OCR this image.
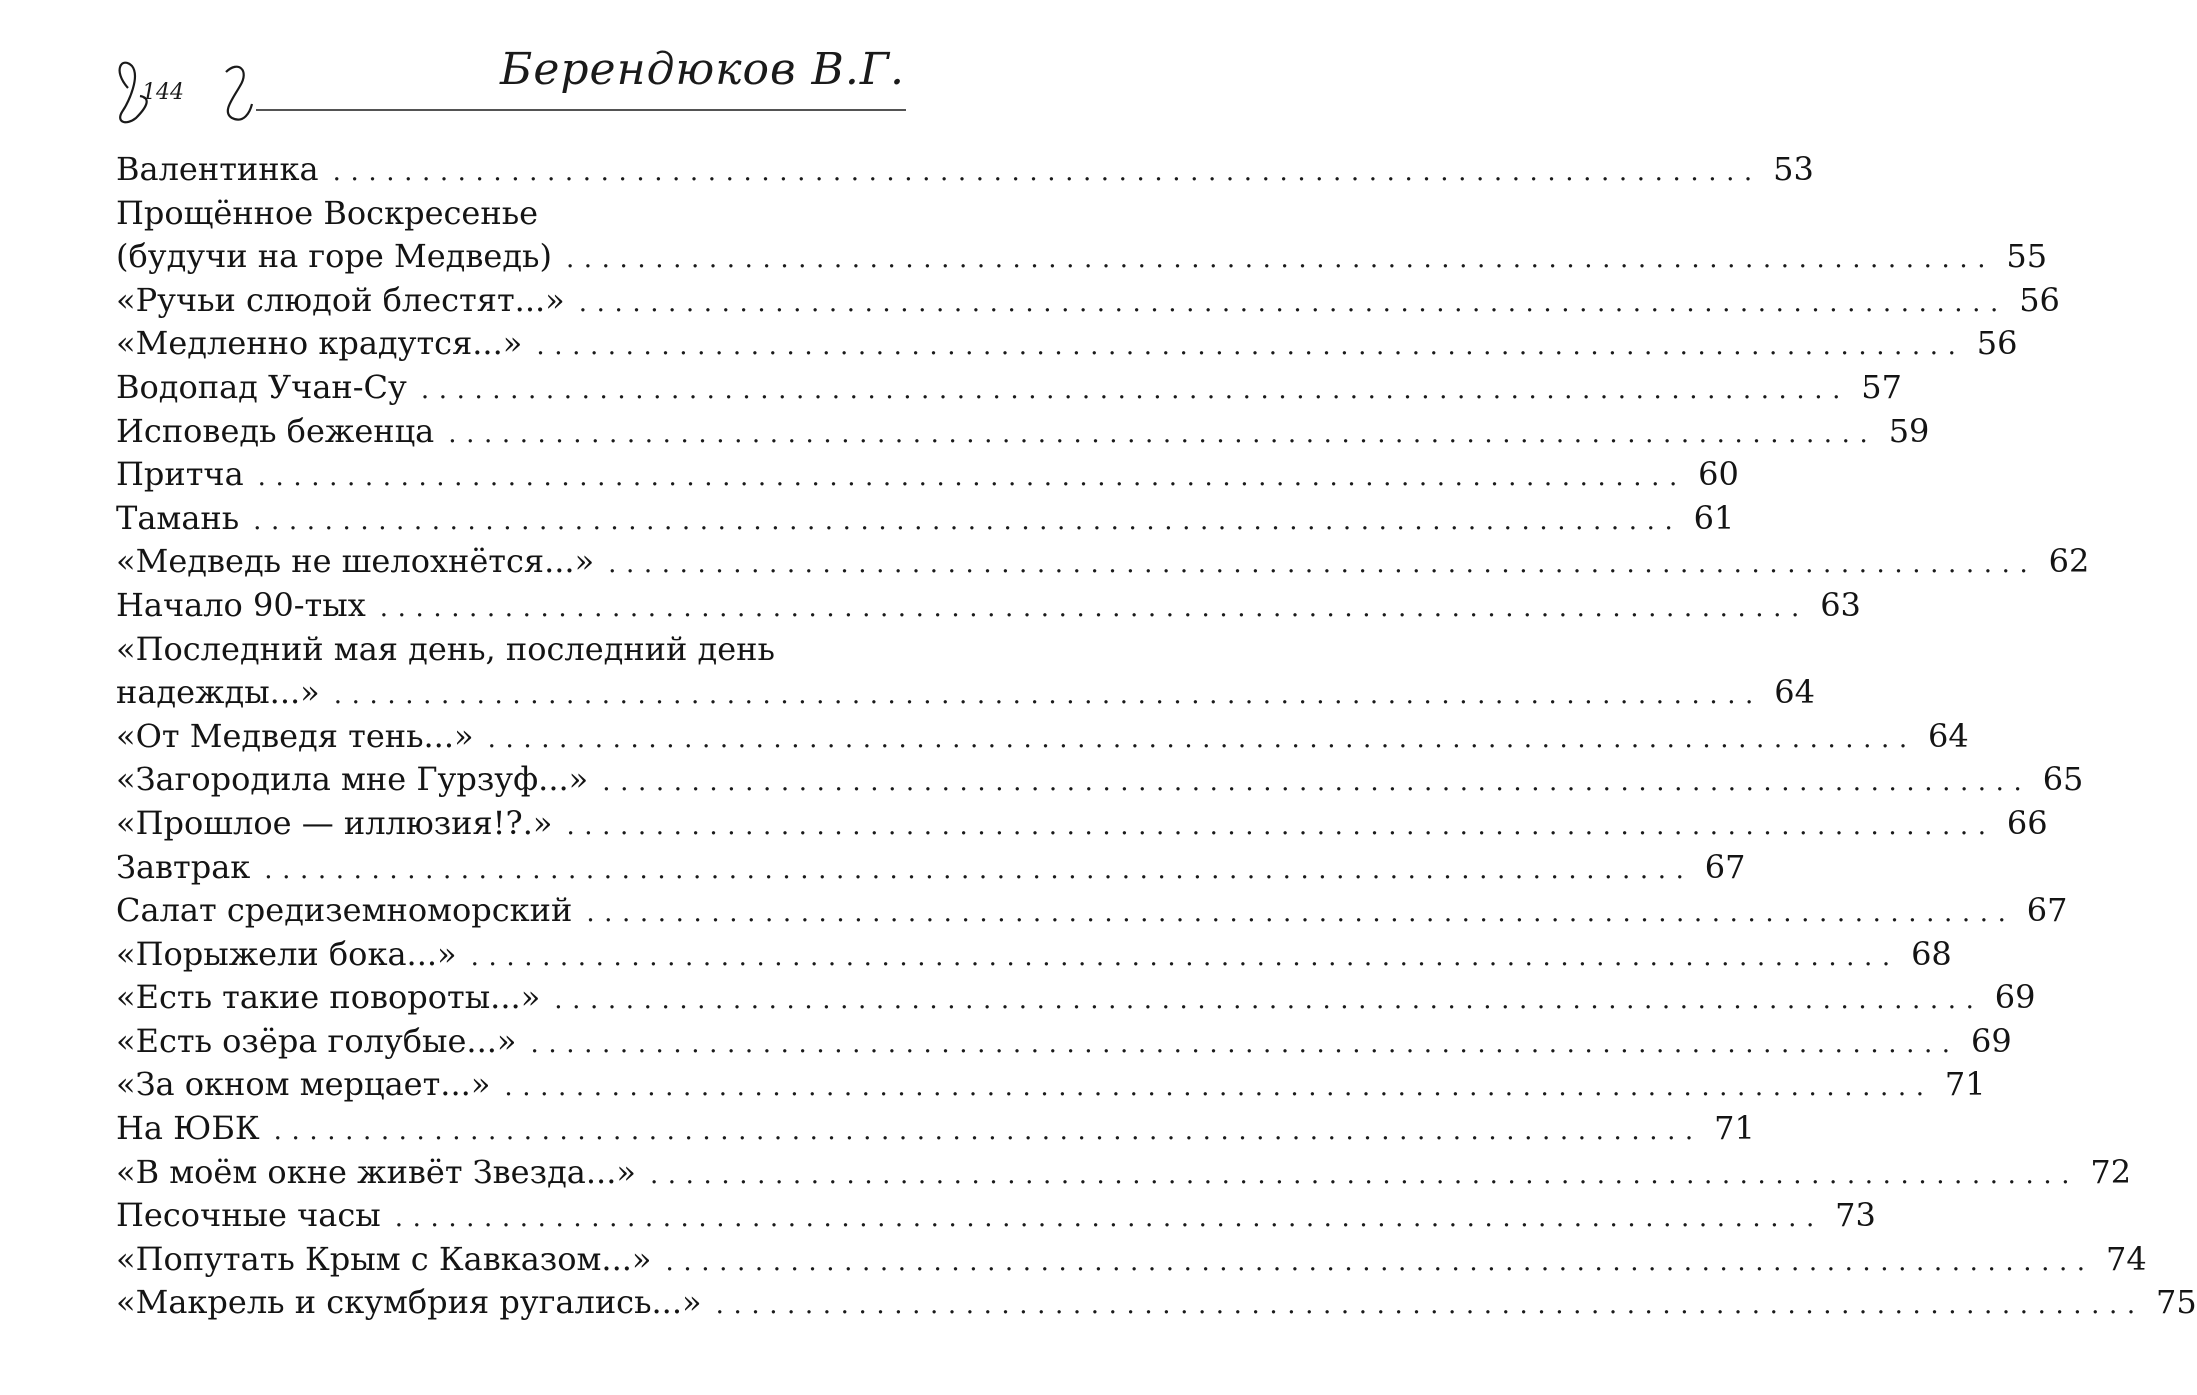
144	Берендюков В.Г.
Валентинка ................................................................................ 53
Прощённое Воскресенье
(будучи на горе Медведь) ................................................................................ 55
«Ручьи слюдой блестят...» ................................................................................ 56
«Медленно крадутся...» ................................................................................ 56
Водопад Учан-Су ................................................................................ 57
Исповедь беженца ................................................................................ 59
Притча ................................................................................ 60
Тамань ................................................................................ 61
«Медведь не шелохнётся...» ................................................................................ 62
Начало 90-тых ................................................................................ 63
«Последний мая день, последний день
надежды...» ................................................................................ 64
«От Медведя тень...» ................................................................................ 64
«Загородила мне Гурзуф...» ................................................................................ 65
«Прошлое — иллюзия!?.» ................................................................................ 66
Завтрак ................................................................................ 67
Салат средиземноморский ................................................................................ 67
«Порыжели бока...» ................................................................................ 68
«Есть такие повороты...» ................................................................................ 69
«Есть озёра голубые...» ................................................................................ 69
«За окном мерцает...» ................................................................................ 71
На ЮБК ................................................................................ 71
«В моём окне живёт Звезда...» ................................................................................ 72
Песочные часы ................................................................................ 73
«Попутать Крым с Кавказом...» ................................................................................ 74
«Макрель и скумбрия ругались...» ................................................................................ 75
